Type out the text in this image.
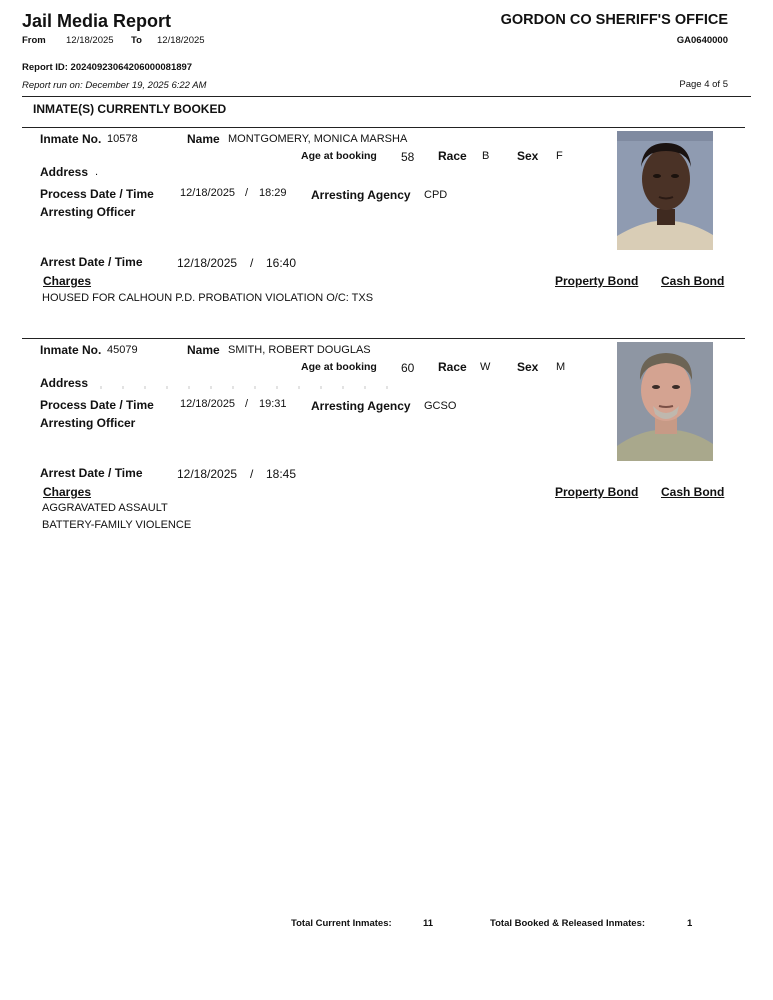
Jail Media Report	GORDON CO SHERIFF'S OFFICE
From 12/18/2025 To 12/18/2025	GA0640000
Report ID: 20240923064206000081897
Report run on: December 19, 2025 6:22 AM	Page 4 of 5
INMATE(S) CURRENTLY BOOKED
Inmate No. 10578	Name MONTGOMERY, MONICA MARSHA
Age at booking 58 Race B Sex F
Address .
Process Date / Time 12/18/2025 / 18:29 Arresting Agency CPD
Arresting Officer
Arrest Date / Time	12/18/2025 / 16:40
Charges	Property Bond Cash Bond
HOUSED FOR CALHOUN P.D. PROBATION VIOLATION O/C: TXS
Inmate No. 45079	Name SMITH, ROBERT DOUGLAS
Age at booking 60 Race W Sex M
Address
Process Date / Time 12/18/2025 / 19:31 Arresting Agency GCSO
Arresting Officer
Arrest Date / Time	12/18/2025 / 18:45
Charges	Property Bond Cash Bond
AGGRAVATED ASSAULT
BATTERY-FAMILY VIOLENCE
Total Current Inmates:	11	Total Booked & Released Inmates:	1
